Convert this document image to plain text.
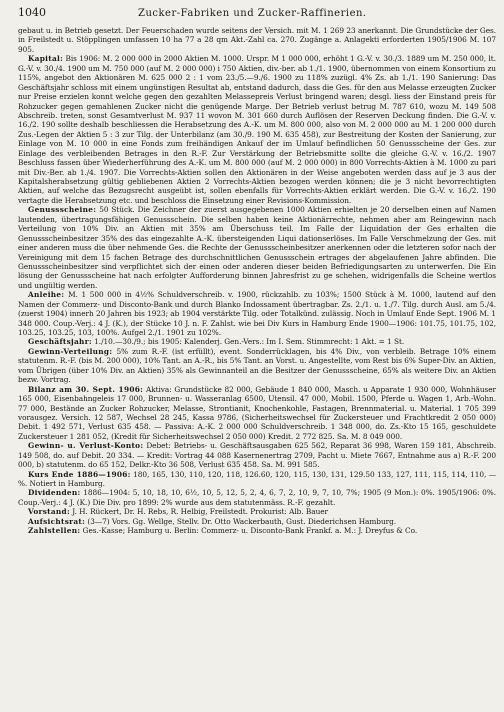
1040	Zucker-Fabriken und Zucker-Raffinerien.

gebaut u. in Betrieb gesetzt. Der Feuerschaden wurde seitens der Versich. mit M. 1 269 23 anerkannt. Die Grundstücke der Ges. in Freilstedt u. Stöpplingen umfassen 10 ha 77 a 28 qm Akt.-Zahl ca. 270. Zugänge a. Anlagekti erforderten 1905/1906 M. 107 905.

Kapital: Bis 1906: M. 2 000 000 in 2000 Aktien M. 1000. Urspr. M 1 000 000, erhöht 1 G.-V. v. 30./3. 1889 um M. 250 000, lt. G.-V. v. 30./4. 1900 um M. 750 000 (auf M. 2 000 000) i 750 Aktien, div.-ber. ab 1./1. 1900, übernommen von einem Konsortium zu 115%, angebot den Aktionären M. 625 000 2 : 1 vom 23./5.—9./6. 1900 zu 118% zuzügl. 4% Zs. ab 1./1. 190 Sanierung: Das Geschäftsjahr schloss mit einem ungünstigen Resultat ab, entstand dadurch, dass die Ges. für den aus Melasse erzeugten Zucker nur Preise erzielen konnt welche gegen den gezahlten Melassepreis Verlust bringend waren; desgl. liess der Einstand preis für Rohzucker gegen gemahlenen Zucker nicht die genügende Marge. Der Betrieb verlust betrug M. 787 610, wozu M. 149 508 Abschreib. treten, sonst Gesamtverlust M. 937 11 wovon M. 301 660 durch Auflösen der Reserven Deckung finden. Die G.-V. v. 16./2. 190 sollte deshalb beschliessen die Herabsetzung des A.-K. um M. 800 000, also von M. 2 000 000 au M. 1 200 000 durch Zus.-Legen der Aktien 5 : 3 zur Tilg. der Unterbilanz (am 30./9. 190 M. 635 458), zur Bestreitung der Kosten der Sanierung, zur Einlage von M. 10 000 in eine Fonds zum freihändigen Ankauf der im Umlauf befindlichen 50 Genussscheine der Ges. zur Einlage des verbleibenden Betrages in den R.-F. Zur Verstärkung der Betriebsmitte sollte die gleiche G.-V. v. 16./2. 1907 Beschluss fassen über Wiederherführung des A.-K. um M. 800 000 (auf M. 2 000 000) in 800 Vorrechts-Aktien à M. 1000 zu pari mit Div.-Ber. ab 1./4. 1907. Die Vorrechts-Aktien sollen den Aktionären in der Weise angeboten werden dass auf je 3 aus der Kapitalsherabsetzung gültig gebliebenen Aktien 2 Vorrechts-Aktien bezogen werden können; die je 3 nicht bevorrechtigten Aktien, auf welche das Bezugsrecht ausgeübt ist, sollen ebenfalls für Vorrechts-Aktien erklärt werden. Die G.-V. v. 16./2. 190 vertagte die Herabsetzung etc. und beschloss die Einsetzung einer Revisions-Kommission.

Genussscheine: 50 Stück. Die Zeichner der zuerst ausgegebenen 1000 Aktien erhielten je 20 derselben einen auf Namen lautenden, übertragungsfähigen Genussschein. Die selben haben keine Aktionärrechte, nehmen aber am Reingewinn nach Verteilung von 10% Div. an Aktien mit 35% am Überschuss teil. Im Falle der Liquidation der Ges erhalten die Genussscheinbesitzer 35% des das eingezahlte A.-K. übersteigenden Liqui dationserlöses. Im Falle Verschmelzung der Ges. mit einer anderen muss die über nehmende Ges. die Rechte der Genussscheinbesitzer anerkennen oder die letzteren sofor nach der Vereinigung mit dem 15 fachen Betrage des durchschnittlichen Genussschein ertrages der abgelaufenen Jahre abfinden. Die Genussscheinbesitzer sind verpflichtet sich der einen oder anderen dieser beiden Befriedigungsarten zu unterwerfen. Die Ein lösung der Genussscheine hat nach erfolgter Aufforderung binnen Jahresfrist zu ge schehen, widrigenfalls die Scheine wertlos und ungültig werden.

Anleihe: M. 1 500 000 in 4½% Schuldverschreib. v. 1900, rückzahlb. zu 103%; 1500 Stück à M. 1000, lautend auf den Namen der Commerz- und Disconto-Bank und durch Blanko Indossament übertragbar. Zs. 2./1. u. 1./7. Tilg. durch Ausl. am 5./4. (zuerst 1904) innerh 20 Jahren bis 1923; ab 1904 verstärkte Tilg. oder Totalkünd. zulässig. Noch in Umlauf Ende Sept. 1906 M. 1 348 000. Coup.-Verj.: 4 J. (K.), der Stücke 10 J. n. F. Zahlst. wie bei Div Kurs in Hamburg Ende 1900—1906: 101.75, 101.75, 102, 103.25, 103.25, 103, 100%. Aufgel 2./1. 1901 zu 102%.

Geschäftsjahr: 1./10.—30./9.; bis 1905: Kalenderj. Gen.-Vers.: Im I. Sem. Stimmrecht: 1 Akt. = 1 St.

Gewinn-Verteilung: 5% zum R.-F. (ist erfüllt), event. Sonderrücklagen, bis 4% Div., von verbleib. Betrage 10% einem statutenm. R.-F. (bis M. 200 000), 10% Tant. an A.-R., bis 5% Tant. an Vorst. u. Angestellte, vom Rest bis 6% Super-Div. an Aktien, vom Übrigen (über 10% Div. an Aktien) 35% als Gewinnanteil an die Besitzer der Genussscheine, 65% als weitere Div. an Aktien bezw. Vortrag.

Bilanz am 30. Sept. 1906: Aktiva: Grundstücke 82 000, Gebäude 1 840 000, Masch. u Apparate 1 930 000, Wohnhäuser 165 000, Eisenbahngeleis 17 000, Brunnen- u. Wasseranlag 6500, Utensil. 47 000, Mobil. 1500, Pferde u. Wagen 1, Arb.-Wohn. 77 000, Bestände an Zucker Rohzucker, Melasse, Strontianit, Knochenkohle, Fastagen, Brennmaterial. u. Material. 1 705 399 vorausgez. Versich. 12 587, Wechsel 28 245, Kassa 9786, (Sicherheitswechsel für Zuckersteuer und Frachtkredit 2 050 000) Debit. 1 492 571, Verlust 635 458. — Passiva: A.-K. 2 000 000 Schuldverschreib. 1 348 000, do. Zs.-Kto 15 165, geschuldete Zuckersteuer 1 281 052, (Kredit für Sicherheitswechsel 2 050 000) Kredit. 2 772 825. Sa. M. 8 049 000.

Gewinn- u. Verlust-Konto: Debet: Betriebs- u. Geschäftsausgaben 625 562, Reparat 36 998, Waren 159 181, Abschreib. 149 508, do. auf Debit. 20 334. — Kredit: Vortrag 44 088 Kasernenertrag 2709, Pacht u. Miete 7667, Entnahme aus a) R.-F. 200 000, b) statutenm. do 65 152, Delkr.-Kto 36 508, Verlust 635 458. Sa. M. 991 585.

Kurs Ende 1886—1906: 180, 165, 130, 110, 120, 118, 126.60, 120, 115, 130, 131, 129.50 133, 127, 111, 115, 114, 110, —%. Notiert in Hamburg.

Dividenden: 1886—1904: 5, 10, 18, 10, 6½, 10, 5, 12, 5, 2, 4, 6, 7, 2, 10, 9, 7, 10, 7%; 1905 (9 Mon.): 0%. 1905/1906: 0%. Coup.-Verj.: 4 J. (K.) Die Div. pro 1899: 2% wurde aus dem statutenmäss. R.-F. gezahlt.

Vorstand: J. H. Rückert, Dr. H. Rebs, R. Helbig, Freilstedt. Prokurist: Alb. Bauer

Aufsichtsrat: (3—7) Vors. Gg. Wellge, Stellv. Dr. Otto Wackerbauth, Gust. Diederichsen Hamburg.

Zahlstellen: Ges.-Kasse; Hamburg u. Berlin: Commerz- u. Disconto-Bank Frankf. a. M.: J. Dreyfus & Co.
